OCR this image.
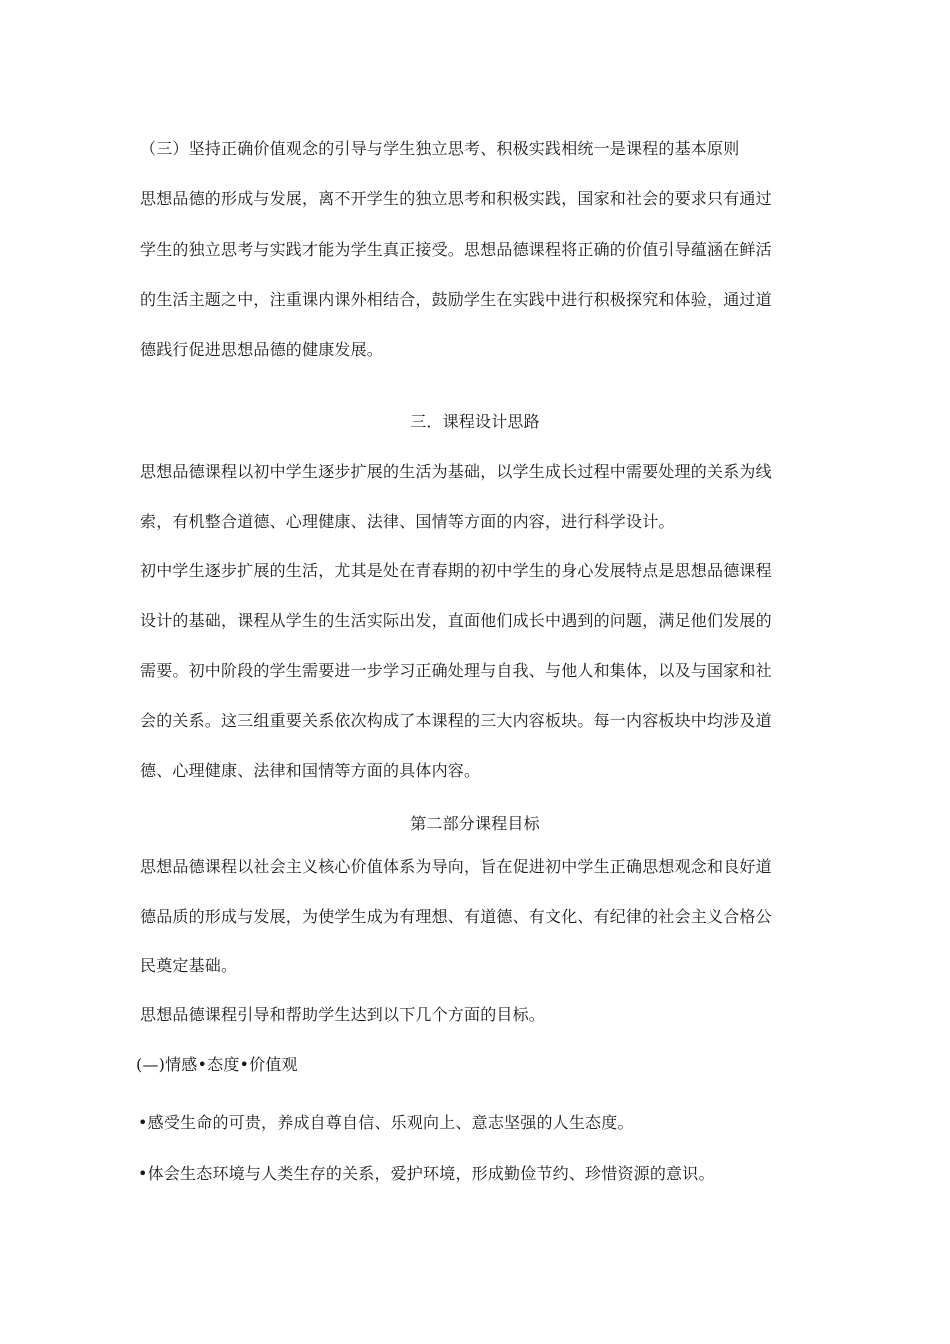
（三）坚持正确价值观念的引导与学生独立思考、积极实践相统一是课程的基本原则
思想品德的形成与发展，离不开学生的独立思考和积极实践，国家和社会的要求只有通过
学生的独立思考与实践才能为学生真正接受。思想品德课程将正确的价值引导蕴涵在鲜活
的生活主题之中，注重课内课外相结合，鼓励学生在实践中进行积极探究和体验，通过道
德践行促进思想品德的健康发展。
三．课程设计思路
思想品德课程以初中学生逐步扩展的生活为基础，以学生成长过程中需要处理的关系为线
索，有机整合道德、心理健康、法律、国情等方面的内容，进行科学设计。
初中学生逐步扩展的生活，尤其是处在青春期的初中学生的身心发展特点是思想品德课程
设计的基础，课程从学生的生活实际出发，直面他们成长中遇到的问题，满足他们发展的
需要。初中阶段的学生需要进一步学习正确处理与自我、与他人和集体，以及与国家和社
会的关系。这三组重要关系依次构成了本课程的三大内容板块。每一内容板块中均涉及道
德、心理健康、法律和国情等方面的具体内容。
第二部分课程目标
思想品德课程以社会主义核心价值体系为导向，旨在促进初中学生正确思想观念和良好道
德品质的形成与发展，为使学生成为有理想、有道德、有文化、有纪律的社会主义合格公
民奠定基础。
思想品德课程引导和帮助学生达到以下几个方面的目标。
(—)情感•态度•价值观
•感受生命的可贵，养成自尊自信、乐观向上、意志坚强的人生态度。
•体会生态环境与人类生存的关系，爱护环境，形成勤俭节约、珍惜资源的意识。
